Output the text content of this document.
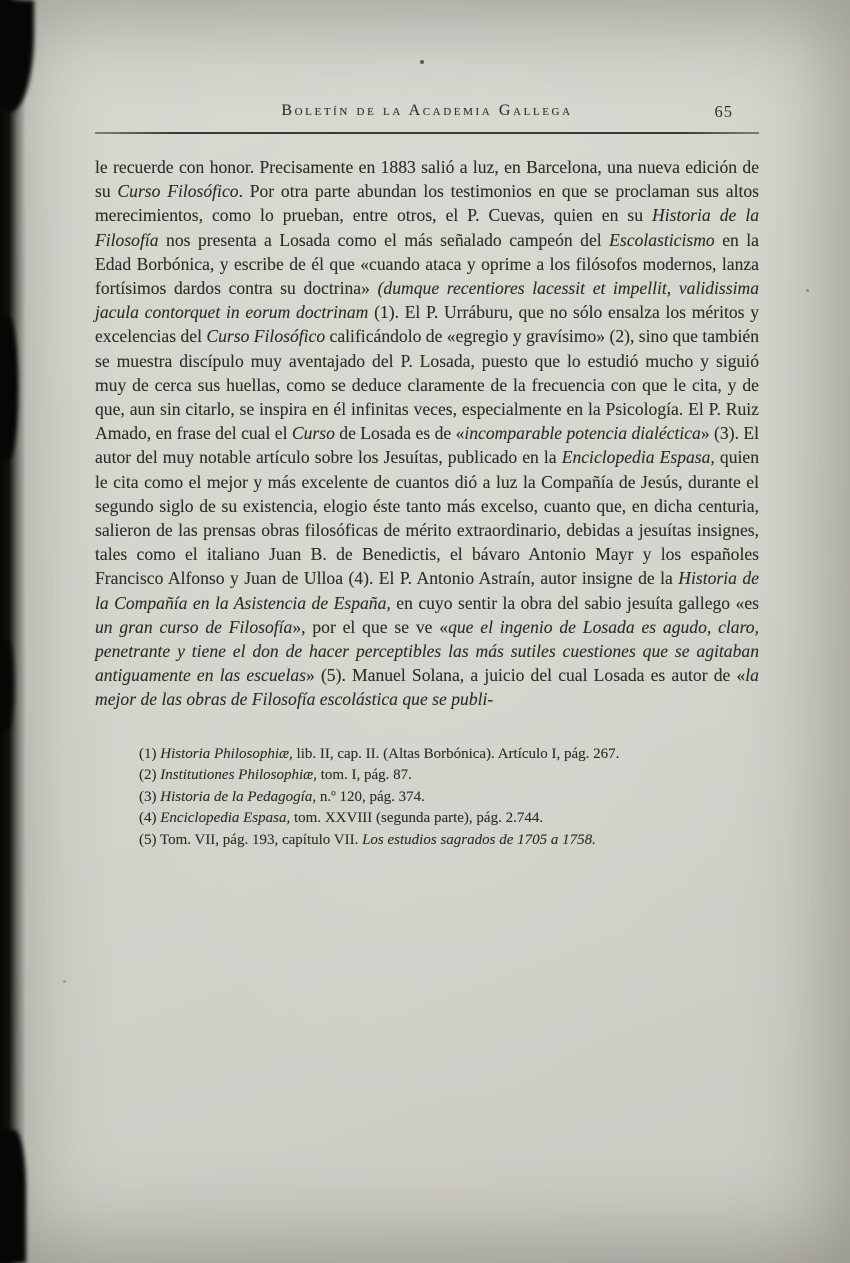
Boletín de la Academia Gallega	65

le recuerde con honor. Precisamente en 1883 salió a luz, en Barcelona, una nueva edición de su Curso Filosófico. Por otra parte abundan los testimonios en que se proclaman sus altos merecimientos, como lo prueban, entre otros, el P. Cuevas, quien en su Historia de la Filosofía nos presenta a Losada como el más señalado campeón del Escolasticismo en la Edad Borbónica, y escribe de él que «cuando ataca y oprime a los filósofos modernos, lanza fortísimos dardos contra su doctrina» (dumque recentiores lacessit et impellit, validissima jacula contorquet in eorum doctrinam (1). El P. Urráburu, que no sólo ensalza los méritos y excelencias del Curso Filosófico calificándolo de «egregio y gravísimo» (2), sino que también se muestra discípulo muy aventajado del P. Losada, puesto que lo estudió mucho y siguió muy de cerca sus huellas, como se deduce claramente de la frecuencia con que le cita, y de que, aun sin citarlo, se inspira en él infinitas veces, especialmente en la Psicología. El P. Ruiz Amado, en frase del cual el Curso de Losada es de «incomparable potencia dialéctica» (3). El autor del muy notable artículo sobre los Jesuítas, publicado en la Enciclopedia Espasa, quien le cita como el mejor y más excelente de cuantos dió a luz la Compañía de Jesús, durante el segundo siglo de su existencia, elogio éste tanto más excelso, cuanto que, en dicha centuria, salieron de las prensas obras filosóficas de mérito extraordinario, debidas a jesuítas insignes, tales como el italiano Juan B. de Benedictis, el bávaro Antonio Mayr y los españoles Francisco Alfonso y Juan de Ulloa (4). El P. Antonio Astraín, autor insigne de la Historia de la Compañía en la Asistencia de España, en cuyo sentir la obra del sabio jesuíta gallego «es un gran curso de Filosofía», por el que se ve «que el ingenio de Losada es agudo, claro, penetrante y tiene el don de hacer perceptibles las más sutiles cuestiones que se agitaban antiguamente en las escuelas» (5). Manuel Solana, a juicio del cual Losada es autor de «la mejor de las obras de Filosofía escolástica que se publi-

(1) Historia Philosophiæ, lib. II, cap. II. (Altas Borbónica). Artículo I, pág. 267.

(2) Institutiones Philosophiæ, tom. I, pág. 87.

(3) Historia de la Pedagogía, n.º 120, pág. 374.

(4) Enciclopedia Espasa, tom. XXVIII (segunda parte), pág. 2.744.

(5) Tom. VII, pág. 193, capítulo VII. Los estudios sagrados de 1705 a 1758.
